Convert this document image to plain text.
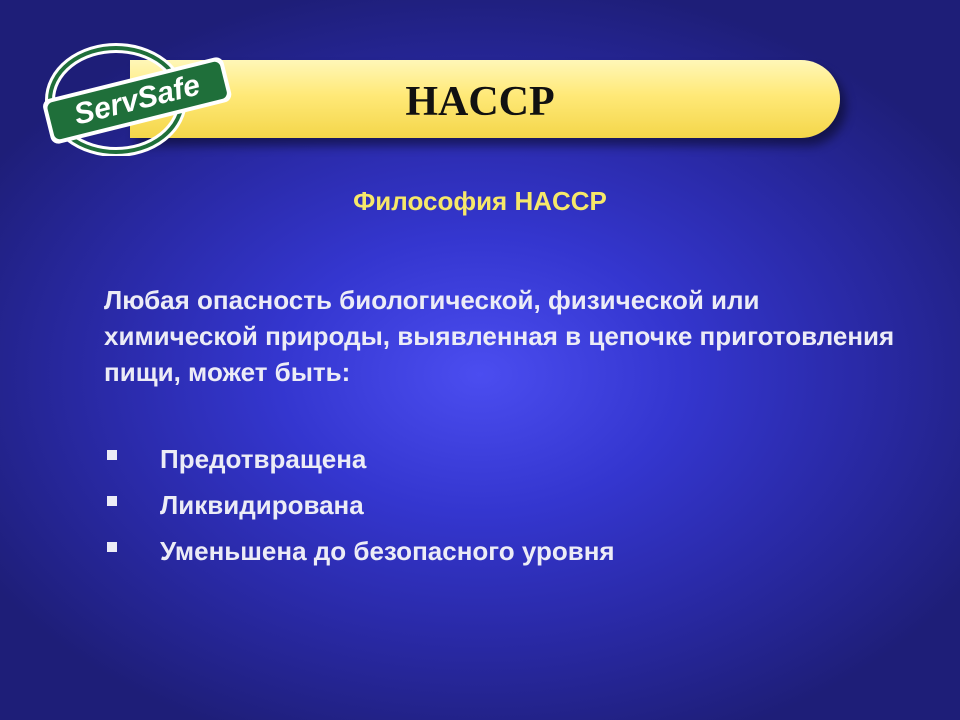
HACCP
ServSafe

Философия HACCP

Любая опасность биологической, физической или химической природы, выявленная в цепочке приготовления пищи, может быть:

Предотвращена
Ликвидирована
Уменьшена до безопасного уровня
